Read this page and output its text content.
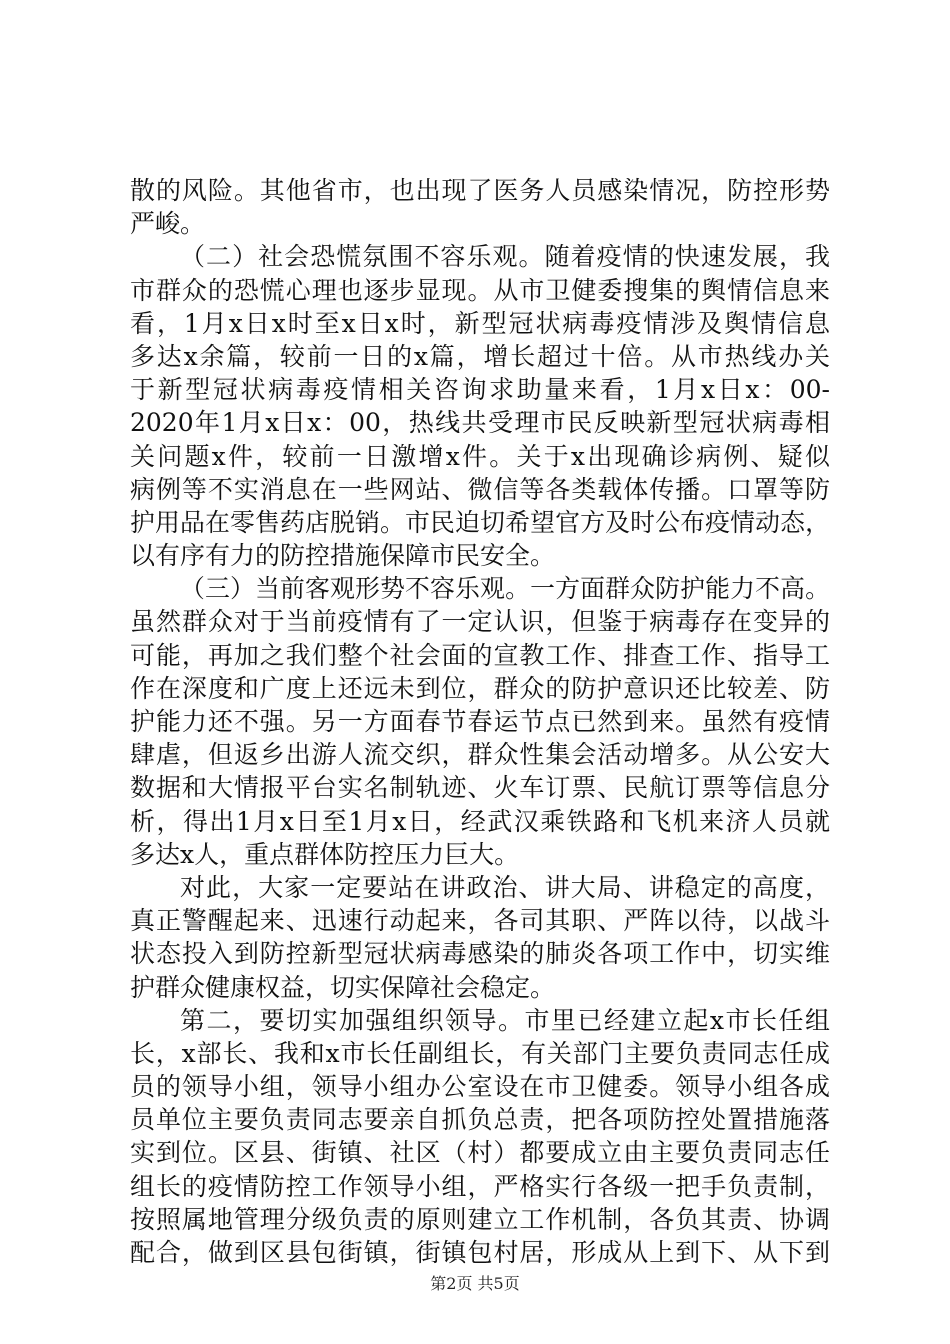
散的风险。其他省市，也出现了医务人员感染情况，防控形势
严峻。
（二）社会恐慌氛围不容乐观。随着疫情的快速发展，我
市群众的恐慌心理也逐步显现。从市卫健委搜集的舆情信息来
看，1月x日x时至x日x时，新型冠状病毒疫情涉及舆情信息
多达x余篇，较前一日的x篇，增长超过十倍。从市热线办关
于新型冠状病毒疫情相关咨询求助量来看，1月x日x：00-
2020年1月x日x：00，热线共受理市民反映新型冠状病毒相
关问题x件，较前一日激增x件。关于x出现确诊病例、疑似
病例等不实消息在一些网站、微信等各类载体传播。口罩等防
护用品在零售药店脱销。市民迫切希望官方及时公布疫情动态，
以有序有力的防控措施保障市民安全。
（三）当前客观形势不容乐观。一方面群众防护能力不高。
虽然群众对于当前疫情有了一定认识，但鉴于病毒存在变异的
可能，再加之我们整个社会面的宣教工作、排查工作、指导工
作在深度和广度上还远未到位，群众的防护意识还比较差、防
护能力还不强。另一方面春节春运节点已然到来。虽然有疫情
肆虐，但返乡出游人流交织，群众性集会活动增多。从公安大
数据和大情报平台实名制轨迹、火车订票、民航订票等信息分
析，得出1月x日至1月x日，经武汉乘铁路和飞机来济人员就
多达x人，重点群体防控压力巨大。
对此，大家一定要站在讲政治、讲大局、讲稳定的高度，
真正警醒起来、迅速行动起来，各司其职、严阵以待，以战斗
状态投入到防控新型冠状病毒感染的肺炎各项工作中，切实维
护群众健康权益，切实保障社会稳定。
第二，要切实加强组织领导。市里已经建立起x市长任组
长，x部长、我和x市长任副组长，有关部门主要负责同志任成
员的领导小组，领导小组办公室设在市卫健委。领导小组各成
员单位主要负责同志要亲自抓负总责，把各项防控处置措施落
实到位。区县、街镇、社区（村）都要成立由主要负责同志任
组长的疫情防控工作领导小组，严格实行各级一把手负责制，
按照属地管理分级负责的原则建立工作机制，各负其责、协调
配合，做到区县包街镇，街镇包村居，形成从上到下、从下到
第2页 共5页
